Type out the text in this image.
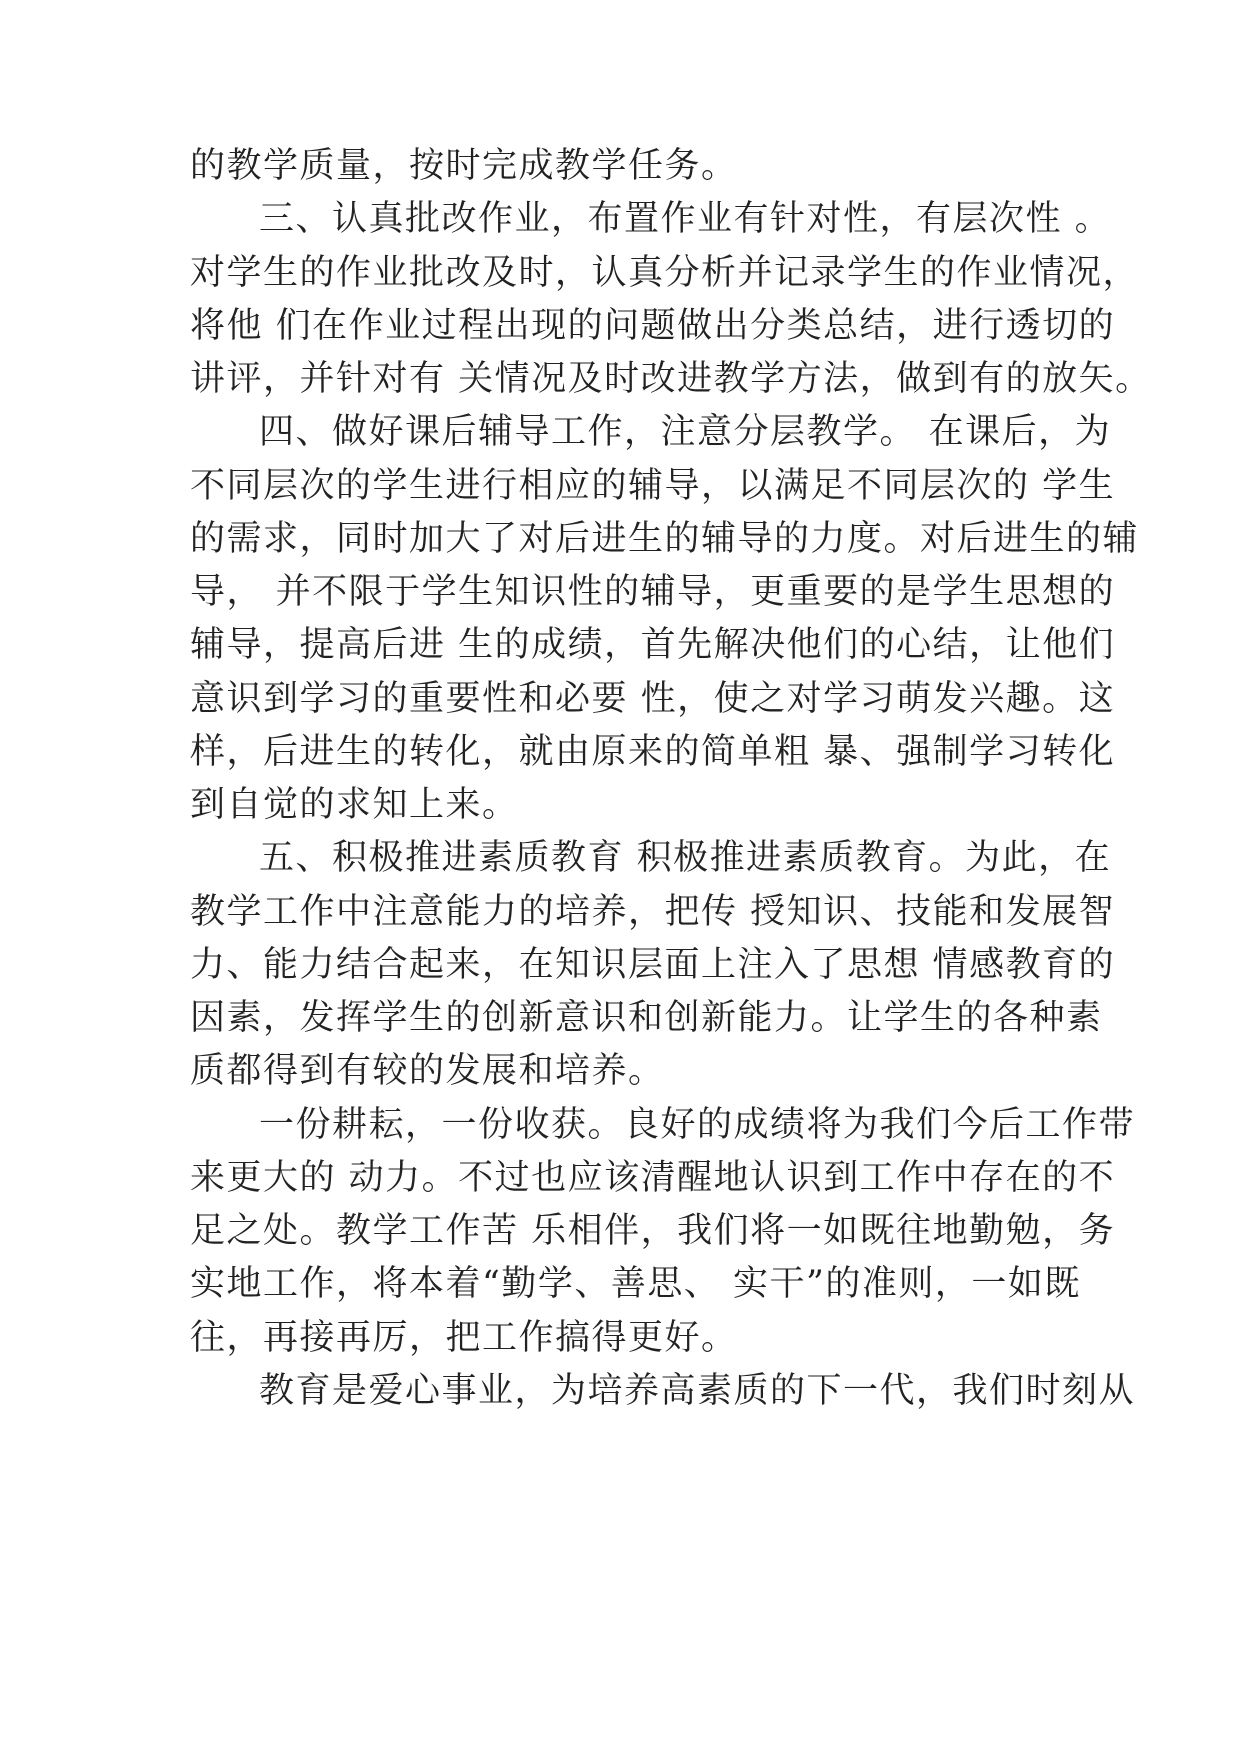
的教学质量，按时完成教学任务。
三、认真批改作业，布置作业有针对性，有层次性 。
对学生的作业批改及时，认真分析并记录学生的作业情况，
将他 们在作业过程出现的问题做出分类总结，进行透切的
讲评，并针对有 关情况及时改进教学方法，做到有的放矢。
四、做好课后辅导工作，注意分层教学。 在课后，为
不同层次的学生进行相应的辅导，以满足不同层次的 学生
的需求，同时加大了对后进生的辅导的力度。对后进生的辅
导， 并不限于学生知识性的辅导，更重要的是学生思想的
辅导，提高后进 生的成绩，首先解决他们的心结，让他们
意识到学习的重要性和必要 性，使之对学习萌发兴趣。这
样，后进生的转化，就由原来的简单粗 暴、强制学习转化
到自觉的求知上来。
五、积极推进素质教育 积极推进素质教育。为此，在
教学工作中注意能力的培养，把传 授知识、技能和发展智
力、能力结合起来，在知识层面上注入了思想 情感教育的
因素，发挥学生的创新意识和创新能力。让学生的各种素
质都得到有较的发展和培养。
一份耕耘，一份收获。良好的成绩将为我们今后工作带
来更大的 动力。不过也应该清醒地认识到工作中存在的不
足之处。教学工作苦 乐相伴，我们将一如既往地勤勉，务
实地工作，将本着“勤学、善思、 实干”的准则，一如既
往，再接再厉，把工作搞得更好。
教育是爱心事业，为培养高素质的下一代，我们时刻从
